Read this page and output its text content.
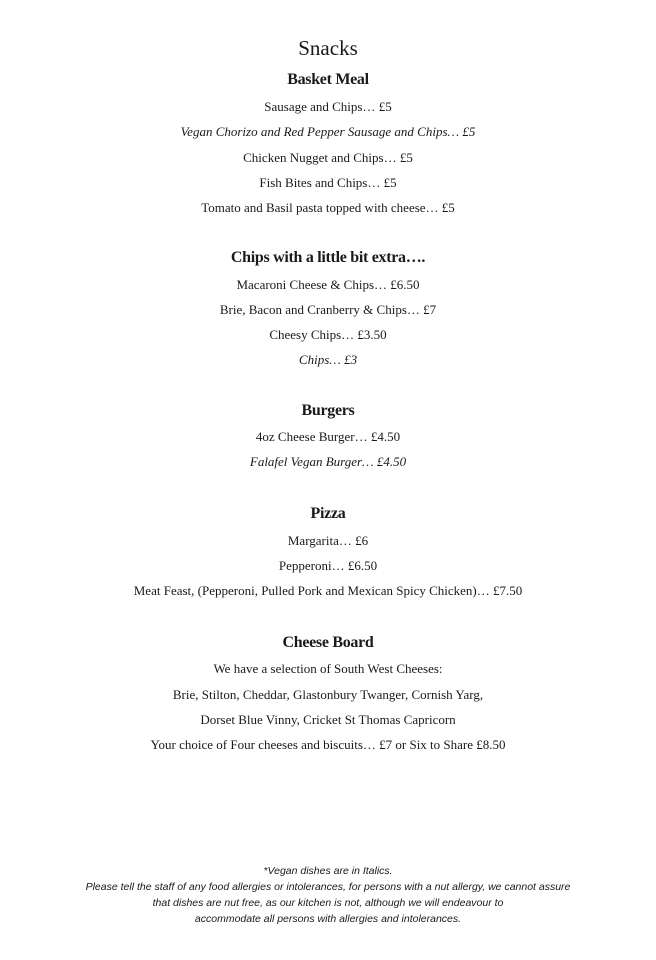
Snacks
Basket Meal
Sausage and Chips… £5
Vegan Chorizo and Red Pepper Sausage and Chips… £5
Chicken Nugget and Chips… £5
Fish Bites and Chips… £5
Tomato and Basil pasta topped with cheese… £5
Chips with a little bit extra….
Macaroni Cheese & Chips… £6.50
Brie, Bacon and Cranberry & Chips… £7
Cheesy Chips… £3.50
Chips… £3
Burgers
4oz Cheese Burger… £4.50
Falafel Vegan Burger… £4.50
Pizza
Margarita… £6
Pepperoni… £6.50
Meat Feast, (Pepperoni, Pulled Pork and Mexican Spicy Chicken)… £7.50
Cheese Board
We have a selection of South West Cheeses:
Brie, Stilton, Cheddar, Glastonbury Twanger, Cornish Yarg,
Dorset Blue Vinny, Cricket St Thomas Capricorn
Your choice of Four cheeses and biscuits… £7 or Six to Share £8.50
*Vegan dishes are in Italics.
Please tell the staff of any food allergies or intolerances, for persons with a nut allergy, we cannot assure
that dishes are nut free, as our kitchen is not, although we will endeavour to
accommodate all persons with allergies and intolerances.
